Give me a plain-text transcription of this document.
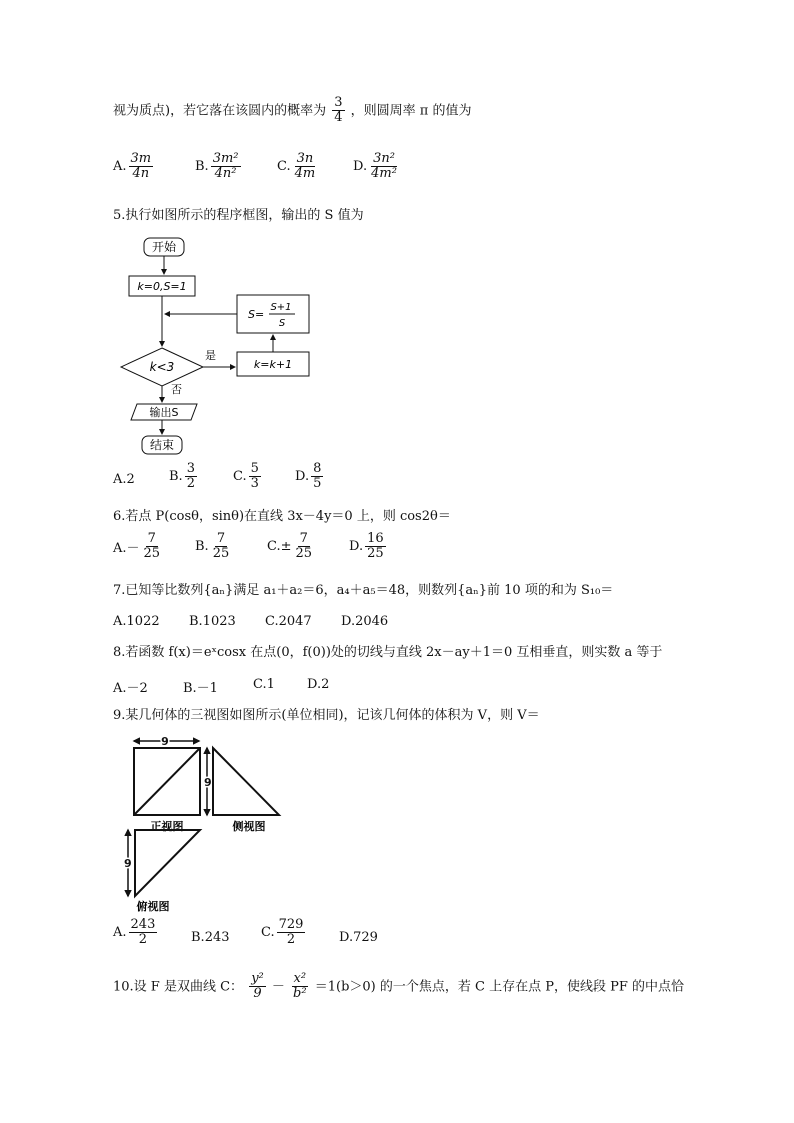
视为质点)，若它落在该圆内的概率为 $\frac{3}{4}$ ，则圆周率 π 的值为
A. $\frac{3m}{4n}$	B. $\frac{\text{3m²}}{\text{4n²}}$	C. $\frac{3n}{4m}$	D. $\frac{\text{3n²}}{\text{4m²}}$
5.执行如图所示的程序框图，输出的 S 值为
开始
k=0,S=1
S=
S+1
S
k<3
是
k=k+1
否
输出S
结束
A. 2	B. $\frac{3}{2}$	C. $\frac{5}{3}$	D. $\frac{8}{5}$
6.若点 P(cosθ，sinθ)在直线 3x－4y＝0 上，则 cos2θ＝
$A.- \frac{7}{25}$	B. $\frac{7}{25}$	$C.\pm \frac{7}{25}$	D. $\frac{16}{25}$
7.已知等比数列{aₙ}满足 a₁＋a₂＝6，a₄＋a₅＝48，则数列{aₙ}前 10 项的和为 S₁₀＝
A.1022 B.1023 C.2047 D.2046
8.若函数 f(x)＝eˣcosx 在点(0，f(0))处的切线与直线 2x－ay＋1＝0 互相垂直，则实数 a 等于
A.－2	B.－1	C.1 D.2
9.某几何体的三视图如图所示(单位相同)，记该几何体的体积为 V，则 V＝
9
9
正视图	侧视图
9
俯视图
A. $\frac{243}{2}$	B. 243 C. $\frac{729}{2}$	D. 729
10.设 F 是双曲线 C： $\frac{\text{y²}}{9} - \frac{\text{x²}}{\text{b²}} =1(b>0)$ 的一个焦点，若 C 上存在点 P，使线段 PF 的中点恰
